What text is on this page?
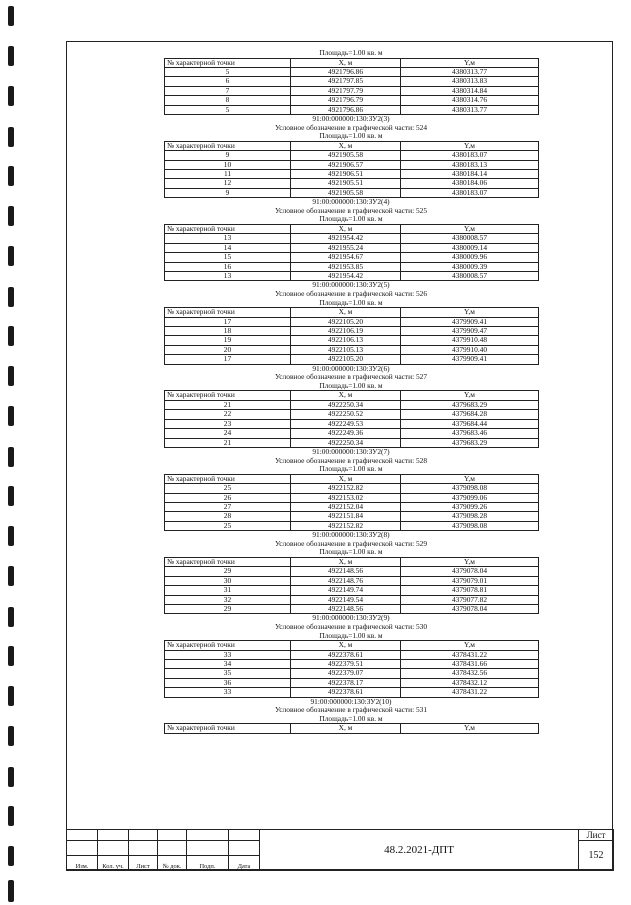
Площадь=1.00 кв. м
№ характерной точки	X, м	Y,м
5	4921796.86	4380313.77
6	4921797.85	4380313.83
7	4921797.79	4380314.84
8	4921796.79	4380314.76
5	4921796.86	4380313.77
91:00:000000:130:ЗУ2(3)
Условное обозначение в графической части: 524
Площадь=1.00 кв. м
№ характерной точки	X, м	Y,м
9	4921905.58	4380183.07
10	4921906.57	4380183.13
11	4921906.51	4380184.14
12	4921905.51	4380184.06
9	4921905.58	4380183.07
91:00:000000:130:ЗУ2(4)
Условное обозначение в графической части: 525
Площадь=1.00 кв. м
№ характерной точки	X, м	Y,м
13	4921954.42	4380008.57
14	4921955.24	4380009.14
15	4921954.67	4380009.96
16	4921953.85	4380009.39
13	4921954.42	4380008.57
91:00:000000:130:ЗУ2(5)
Условное обозначение в графической части: 526
Площадь=1.00 кв. м
№ характерной точки	X, м	Y,м
17	4922105.20	4379909.41
18	4922106.19	4379909.47
19	4922106.13	4379910.48
20	4922105.13	4379910.40
17	4922105.20	4379909.41
91:00:000000:130:ЗУ2(6)
Условное обозначение в графической части: 527
Площадь=1.00 кв. м
№ характерной точки	X, м	Y,м
21	4922250.34	4379683.29
22	4922250.52	4379684.28
23	4922249.53	4379684.44
24	4922249.36	4379683.46
21	4922250.34	4379683.29
91:00:000000:130:ЗУ2(7)
Условное обозначение в графической части: 528
Площадь=1.00 кв. м
№ характерной точки	X, м	Y,м
25	4922152.82	4379098.08
26	4922153.02	4379099.06
27	4922152.04	4379099.26
28	4922151.84	4379098.28
25	4922152.82	4379098.08
91:00:000000:130:ЗУ2(8)
Условное обозначение в графической части: 529
Площадь=1.00 кв. м
№ характерной точки	X, м	Y,м
29	4922148.56	4379078.04
30	4922148.76	4379079.01
31	4922149.74	4379078.81
32	4922149.54	4379077.82
29	4922148.56	4379078.04
91:00:000000:130:ЗУ2(9)
Условное обозначение в графической части: 530
Площадь=1.00 кв. м
№ характерной точки	X, м	Y,м
33	4922378.61	4378431.22
34	4922379.51	4378431.66
35	4922379.07	4378432.56
36	4922378.17	4378432.12
33	4922378.61	4378431.22
91:00:000000:130:ЗУ2(10)
Условное обозначение в графической части: 531
Площадь=1.00 кв. м
№ характерной точки	X, м	Y,м
						48.2.2021-ДПТ	Лист
							152
Изм.	Кол. уч.	Лист	№ док.	Подп.	Дата		
